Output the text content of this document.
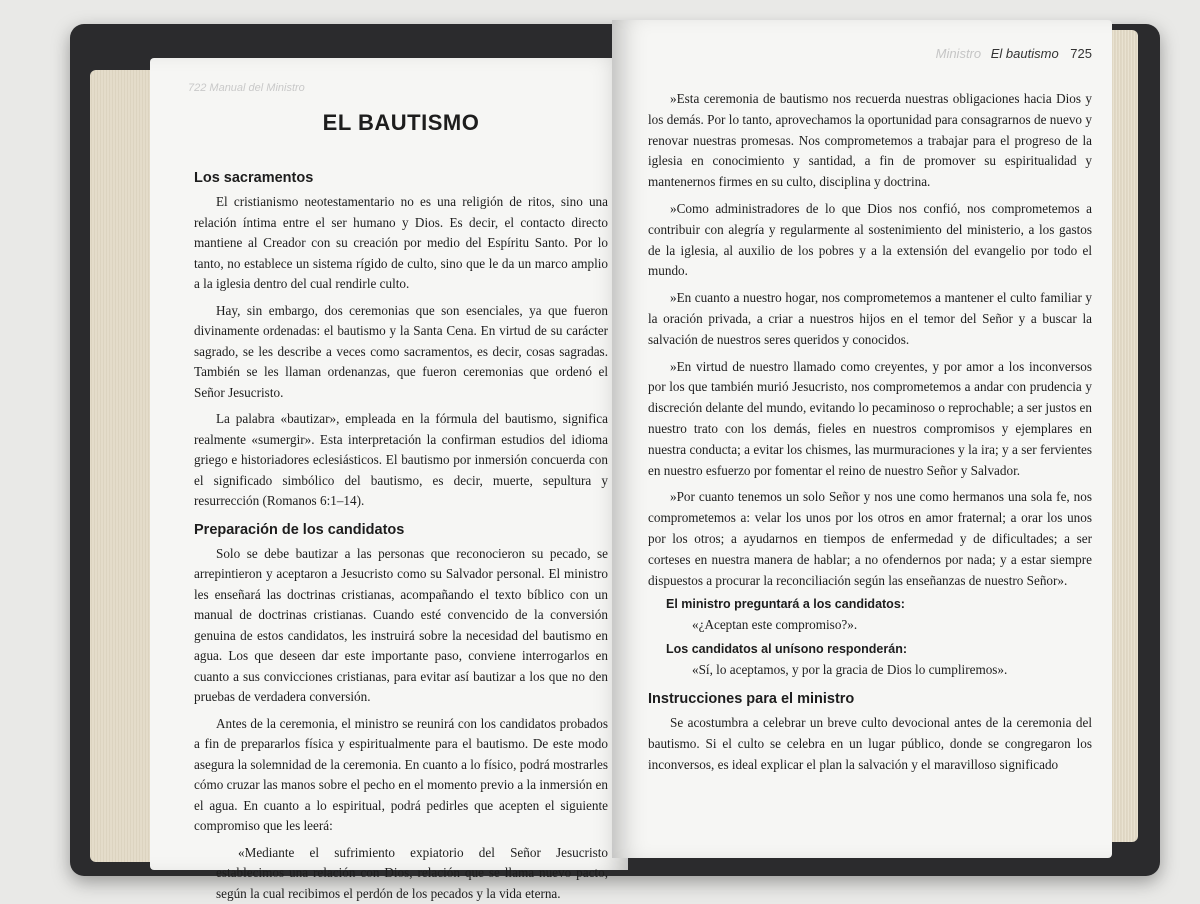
722 Manual del Ministro
EL BAUTISMO
Los sacramentos

El cristianismo neotestamentario no es una religión de ritos, sino una relación íntima entre el ser humano y Dios. Es decir, el contacto directo mantiene al Creador con su creación por medio del Espíritu Santo. Por lo tanto, no establece un sistema rígido de culto, sino que le da un marco amplio a la iglesia dentro del cual rendirle culto.

Hay, sin embargo, dos ceremonias que son esenciales, ya que fueron divinamente ordenadas: el bautismo y la Santa Cena. En virtud de su carácter sagrado, se les describe a veces como sacramentos, es decir, cosas sagradas. También se les llaman ordenanzas, que fueron ceremonias que ordenó el Señor Jesucristo.

La palabra «bautizar», empleada en la fórmula del bautismo, significa realmente «sumergir». Esta interpretación la confirman estudios del idioma griego e historiadores eclesiásticos. El bautismo por inmersión concuerda con el significado simbólico del bautismo, es decir, muerte, sepultura y resurrección (Romanos 6:1–14).

Preparación de los candidatos

Solo se debe bautizar a las personas que reconocieron su pecado, se arrepintieron y aceptaron a Jesucristo como su Salvador personal. El ministro les enseñará las doctrinas cristianas, acompañando el texto bíblico con un manual de doctrinas cristianas. Cuando esté convencido de la conversión genuina de estos candidatos, les instruirá sobre la necesidad del bautismo en agua. Los que deseen dar este importante paso, conviene interrogarlos en cuanto a sus convicciones cristianas, para evitar así bautizar a los que no den pruebas de verdadera conversión.

Antes de la ceremonia, el ministro se reunirá con los candidatos probados a fin de prepararlos física y espiritualmente para el bautismo. De este modo asegura la solemnidad de la ceremonia. En cuanto a lo físico, podrá mostrarles cómo cruzar las manos sobre el pecho en el momento previo a la inmersión en el agua. En cuanto a lo espiritual, podrá pedirles que acepten el siguiente compromiso que les leerá:

«Mediante el sufrimiento expiatorio del Señor Jesucristo establecimos una relación con Dios, relación que se llama nuevo pacto, según la cual recibimos el perdón de los pecados y la vida eterna.

Ministro El bautismo 725

»Esta ceremonia de bautismo nos recuerda nuestras obligaciones hacia Dios y los demás. Por lo tanto, aprovechamos la oportunidad para consagrarnos de nuevo y renovar nuestras promesas. Nos comprometemos a trabajar para el progreso de la iglesia en conocimiento y santidad, a fin de promover su espiritualidad y mantenernos firmes en su culto, disciplina y doctrina.

»Como administradores de lo que Dios nos confió, nos comprometemos a contribuir con alegría y regularmente al sostenimiento del ministerio, a los gastos de la iglesia, al auxilio de los pobres y a la extensión del evangelio por todo el mundo.

»En cuanto a nuestro hogar, nos comprometemos a mantener el culto familiar y la oración privada, a criar a nuestros hijos en el temor del Señor y a buscar la salvación de nuestros seres queridos y conocidos.

»En virtud de nuestro llamado como creyentes, y por amor a los inconversos por los que también murió Jesucristo, nos comprometemos a andar con prudencia y discreción delante del mundo, evitando lo pecaminoso o reprochable; a ser justos en nuestro trato con los demás, fieles en nuestros compromisos y ejemplares en nuestra conducta; a evitar los chismes, las murmuraciones y la ira; y a ser fervientes en nuestro esfuerzo por fomentar el reino de nuestro Señor y Salvador.

»Por cuanto tenemos un solo Señor y nos une como hermanos una sola fe, nos comprometemos a: velar los unos por los otros en amor fraternal; a orar los unos por los otros; a ayudarnos en tiempos de enfermedad y de dificultades; a ser corteses en nuestra manera de hablar; a no ofendernos por nada; y a estar siempre dispuestos a procurar la reconciliación según las enseñanzas de nuestro Señor».

El ministro preguntará a los candidatos:

«¿Aceptan este compromiso?».

Los candidatos al unísono responderán:

«Sí, lo aceptamos, y por la gracia de Dios lo cumpliremos».

Instrucciones para el ministro

Se acostumbra a celebrar un breve culto devocional antes de la ceremonia del bautismo. Si el culto se celebra en un lugar público, donde se congregaron los inconversos, es ideal explicar el plan la salvación y el maravilloso significado
